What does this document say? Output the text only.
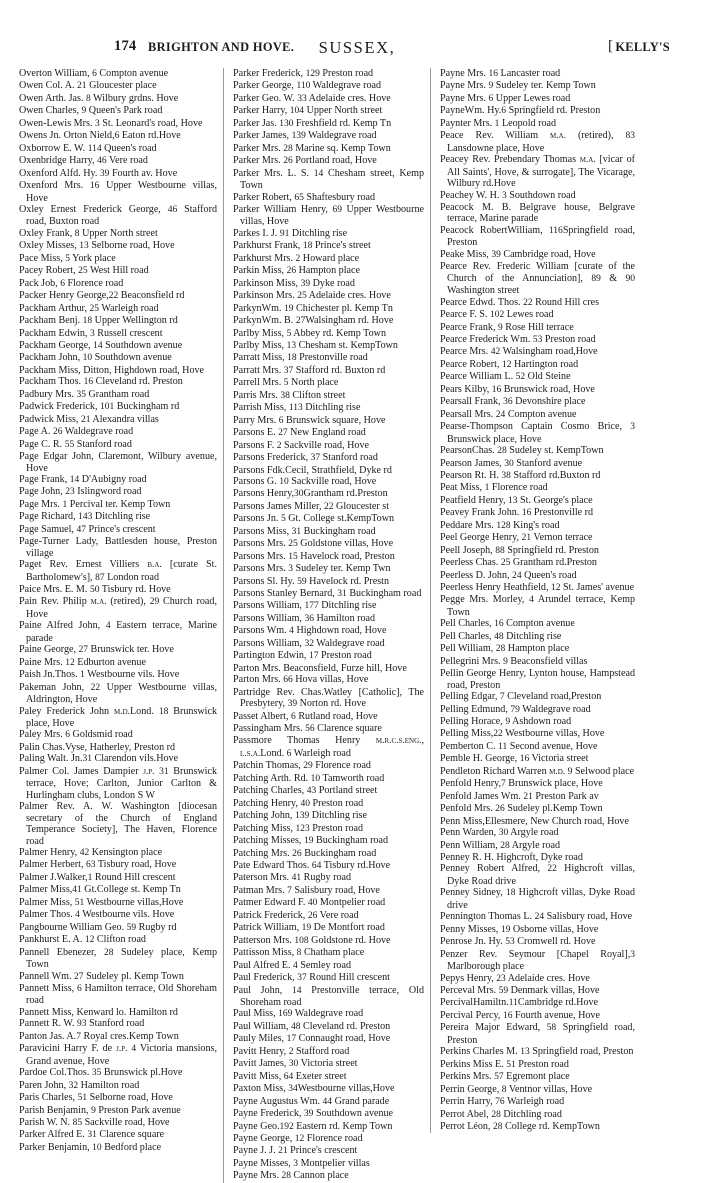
174 BRIGHTON AND HOVE.	SUSSEX,	[ KELLY'S

Overton William, 6 Compton avenue

Owen Col. A. 21 Gloucester place

Owen Arth. Jas. 8 Wilbury grdns. Hove

Owen Charles, 9 Queen's Park road

Owen-Lewis Mrs. 3 St. Leonard's road, Hove

Owens Jn. Orton Nield,6 Eaton rd.Hove

Oxborrow E. W. 114 Queen's road

Oxenbridge Harry, 46 Vere road

Oxenford Alfd. Hy. 39 Fourth av. Hove

Oxenford Mrs. 16 Upper Westbourne villas, Hove

Oxley Ernest Frederick George, 46 Stafford road, Buxton road

Oxley Frank, 8 Upper North street

Oxley Misses, 13 Selborne road, Hove

Pace Miss, 5 York place

Pacey Robert, 25 West Hill road

Pack Job, 6 Florence road

Packer Henry George,22 Beaconsfield rd

Packham Arthur, 25 Warleigh road

Packham Benj. 18 Upper Wellington rd

Packham Edwin, 3 Russell crescent

Packham George, 14 Southdown avenue

Packham John, 10 Southdown avenue

Packham Miss, Ditton, Highdown road, Hove

Packham Thos. 16 Cleveland rd. Preston

Padbury Mrs. 35 Grantham road

Padwick Frederick, 101 Buckingham rd

Padwick Miss, 21 Alexandra villas

Page A. 26 Waldegrave road

Page C. R. 55 Stanford road

Page Edgar John, Claremont, Wilbury avenue, Hove

Page Frank, 14 D'Aubigny road

Page John, 23 Islingword road

Page Mrs. 1 Percival ter. Kemp Town

Page Richard, 143 Ditchling rise

Page Samuel, 47 Prince's crescent

Page-Turner Lady, Battlesden house, Preston village

Paget Rev. Ernest Villiers b.a. [curate St. Bartholomew's], 87 London road

Paice Mrs. E. M. 50 Tisbury rd. Hove

Pain Rev. Philip m.a. (retired), 29 Church road, Hove

Paine Alfred John, 4 Eastern terrace, Marine parade

Paine George, 27 Brunswick ter. Hove

Paine Mrs. 12 Edburton avenue

Paish Jn.Thos. 1 Westbourne vils. Hove

Pakeman John, 22 Upper Westbourne villas, Aldrington, Hove

Paley Frederick John m.d.Lond. 18 Brunswick place, Hove

Paley Mrs. 6 Goldsmid road

Palin Chas.Vyse, Hatherley, Preston rd

Paling Walt. Jn.31 Clarendon vils.Hove

Palmer Col. James Dampier j.p. 31 Brunswick terrace, Hove; Carlton, Junior Carlton & Hurlingham clubs, London S W

Palmer Rev. A. W. Washington [diocesan secretary of the Church of England Temperance Society], The Haven, Florence road

Palmer Henry, 42 Kensington place

Palmer Herbert, 63 Tisbury road, Hove

Palmer J.Walker,1 Round Hill crescent

Palmer Miss,41 Gt.College st. Kemp Tn

Palmer Miss, 51 Westbourne villas,Hove

Palmer Thos. 4 Westbourne vils. Hove

Pangbourne William Geo. 59 Rugby rd

Pankhurst E. A. 12 Clifton road

Pannell Ebenezer, 28 Sudeley place, Kemp Town

Pannell Wm. 27 Sudeley pl. Kemp Town

Pannett Miss, 6 Hamilton terrace, Old Shoreham road

Pannett Miss, Kenward lo. Hamilton rd

Pannett R. W. 93 Stanford road

Panton Jas. A.7 Royal cres.Kemp Town

Paravicini Harry F. de j.p. 4 Victoria mansions, Grand avenue, Hove

Pardoe Col.Thos. 35 Brunswick pl.Hove

Paren John, 32 Hamilton road

Paris Charles, 51 Selborne road, Hove

Parish Benjamin, 9 Preston Park avenue

Parish W. N. 85 Sackville road, Hove

Parker Alfred E. 31 Clarence square

Parker Benjamin, 10 Bedford place

Parker Frederick, 129 Preston road

Parker George, 110 Waldegrave road

Parker Geo. W. 33 Adelaide cres. Hove

Parker Harry, 104 Upper North street

Parker Jas. 130 Freshfield rd. Kemp Tn

Parker James, 139 Waldegrave road

Parker Mrs. 28 Marine sq. Kemp Town

Parker Mrs. 26 Portland road, Hove

Parker Mrs. L. S. 14 Chesham street, Kemp Town

Parker Robert, 65 Shaftesbury road

Parker William Henry, 69 Upper Westbourne villas, Hove

Parkes I. J. 91 Ditchling rise

Parkhurst Frank, 18 Prince's street

Parkhurst Mrs. 2 Howard place

Parkin Miss, 26 Hampton place

Parkinson Miss, 39 Dyke road

Parkinson Mrs. 25 Adelaide cres. Hove

ParkynWm. 19 Chichester pl. Kemp Tn

ParkynWm. B. 27Walsingham rd. Hove

Parlby Miss, 5 Abbey rd. Kemp Town

Parlby Miss, 13 Chesham st. KempTown

Parratt Miss, 18 Prestonville road

Parratt Mrs. 37 Stafford rd. Buxton rd

Parrell Mrs. 5 North place

Parris Mrs. 38 Clifton street

Parrish Miss, 113 Ditchling rise

Parry Mrs. 6 Brunswick square, Hove

Parsons E. 27 New England road

Parsons F. 2 Sackville road, Hove

Parsons Frederick, 37 Stanford road

Parsons Fdk.Cecil, Strathfield, Dyke rd

Parsons G. 10 Sackville road, Hove

Parsons Henry,30Grantham rd.Preston

Parsons James Miller, 22 Gloucester st

Parsons Jn. 5 Gt. College st.KempTown

Parsons Miss, 31 Buckingham road

Parsons Mrs. 25 Goldstone villas, Hove

Parsons Mrs. 15 Havelock road, Preston

Parsons Mrs. 3 Sudeley ter. Kemp Twn

Parsons Sl. Hy. 59 Havelock rd. Prestn

Parsons Stanley Bernard, 31 Buckingham road

Parsons William, 177 Ditchling rise

Parsons William, 36 Hamilton road

Parsons Wm. 4 Highdown road, Hove

Parsons William, 32 Waldegrave road

Partington Edwin, 17 Preston road

Parton Mrs. Beaconsfield, Furze hill, Hove

Parton Mrs. 66 Hova villas, Hove

Partridge Rev. Chas.Watley [Catholic], The Presbytery, 39 Norton rd. Hove

Passet Albert, 6 Rutland road, Hove

Passingham Mrs. 56 Clarence square

Passmore Thomas Henry m.r.c.s.eng., l.s.a.Lond. 6 Warleigh road

Patchin Thomas, 29 Florence road

Patching Arth. Rd. 10 Tamworth road

Patching Charles, 43 Portland street

Patching Henry, 40 Preston road

Patching John, 139 Ditchling rise

Patching Miss, 123 Preston road

Patching Misses, 19 Buckingham road

Patching Mrs. 26 Buckingham road

Pate Edward Thos. 64 Tisbury rd.Hove

Paterson Mrs. 41 Rugby road

Patman Mrs. 7 Salisbury road, Hove

Patmer Edward F. 40 Montpelier road

Patrick Frederick, 26 Vere road

Patrick William, 19 De Montfort road

Patterson Mrs. 108 Goldstone rd. Hove

Pattisson Miss, 8 Chatham place

Paul Alfred E. 4 Semley road

Paul Frederick, 37 Round Hill crescent

Paul John, 14 Prestonville terrace, Old Shoreham road

Paul Miss, 169 Waldegrave road

Paul William, 48 Cleveland rd. Preston

Pauly Miles, 17 Connaught road, Hove

Pavitt Henry, 2 Stafford road

Pavitt James, 30 Victoria street

Pavitt Miss, 64 Exeter street

Paxton Miss, 34Westbourne villas,Hove

Payne Augustus Wm. 44 Grand parade

Payne Frederick, 39 Southdown avenue

Payne Geo.192 Eastern rd. Kemp Town

Payne George, 12 Florence road

Payne J. J. 21 Prince's crescent

Payne Misses, 3 Montpelier villas

Payne Mrs. 28 Cannon place

Payne Mrs. 16 Lancaster road

Payne Mrs. 9 Sudeley ter. Kemp Town

Payne Mrs. 6 Upper Lewes road

PayneWm. Hy.6 Springfield rd. Preston

Paynter Mrs. 1 Leopold road

Peace Rev. William m.a. (retired), 83 Lansdowne place, Hove

Peacey Rev. Prebendary Thomas m.a. [vicar of All Saints', Hove, & surrogate], The Vicarage, Wilbury rd.Hove

Peachey W. H. 3 Southdown road

Peacock M. B. Belgrave house, Belgrave terrace, Marine parade

Peacock RobertWilliam, 116Springfield road, Preston

Peake Miss, 39 Cambridge road, Hove

Pearce Rev. Frederic William [curate of the Church of the Annunciation], 89 & 90 Washington street

Pearce Edwd. Thos. 22 Round Hill cres

Pearce F. S. 102 Lewes road

Pearce Frank, 9 Rose Hill terrace

Pearce Frederick Wm. 53 Preston road

Pearce Mrs. 42 Walsingham road,Hove

Pearce Robert, 12 Hartington road

Pearce William L. 52 Old Steine

Pears Kilby, 16 Brunswick road, Hove

Pearsall Frank, 36 Devonshire place

Pearsall Mrs. 24 Compton avenue

Pearse-Thompson Captain Cosmo Brice, 3 Brunswick place, Hove

PearsonChas. 28 Sudeley st. KempTown

Pearson James, 30 Stanford avenue

Pearson Rt. H. 38 Stafford rd.Buxton rd

Peat Miss, 1 Florence road

Peatfield Henry, 13 St. George's place

Peavey Frank John. 16 Prestonville rd

Peddare Mrs. 128 King's road

Peel George Henry, 21 Vernon terrace

Peell Joseph, 88 Springfield rd. Preston

Peerless Chas. 25 Grantham rd.Preston

Peerless D. John, 24 Queen's road

Peerless Henry Heathfield, 12 St. James' avenue

Pegge Mrs. Morley, 4 Arundel terrace, Kemp Town

Pell Charles, 16 Compton avenue

Pell Charles, 48 Ditchling rise

Pell William, 28 Hampton place

Pellegrini Mrs. 9 Beaconsfield villas

Pellin George Henry, Lynton house, Hampstead road, Preston

Pelling Edgar, 7 Cleveland road,Preston

Pelling Edmund, 79 Waldegrave road

Pelling Horace, 9 Ashdown road

Pelling Miss,22 Westbourne villas, Hove

Pemberton C. 11 Second avenue, Hove

Pemble H. George, 16 Victoria street

Pendleton Richard Warren m.d. 9 Selwood place

Penfold Henry,7 Brunswick place, Hove

Penfold James Wm. 21 Preston Park av

Penfold Mrs. 26 Sudeley pl.Kemp Town

Penn Miss,Ellesmere, New Church road, Hove

Penn Warden, 30 Argyle road

Penn William, 28 Argyle road

Penney R. H. Highcroft, Dyke road

Penney Robert Alfred, 22 Highcroft villas, Dyke Road drive

Penney Sidney, 18 Highcroft villas, Dyke Road drive

Pennington Thomas L. 24 Salisbury road, Hove

Penny Misses, 19 Osborne villas, Hove

Penrose Jn. Hy. 53 Cromwell rd. Hove

Penzer Rev. Seymour [Chapel Royal],3 Marlborough place

Pepys Henry, 23 Adelaide cres. Hove

Perceval Mrs. 59 Denmark villas, Hove

PercivalHamiltn.11Cambridge rd.Hove

Percival Percy, 16 Fourth avenue, Hove

Pereira Major Edward, 58 Springfield road, Preston

Perkins Charles M. 13 Springfield road, Preston

Perkins Miss E. 51 Preston road

Perkins Mrs. 57 Egremont place

Perrin George, 8 Ventnor villas, Hove

Perrin Harry, 76 Warleigh road

Perrot Abel, 28 Ditchling road

Perrot Léon, 28 College rd. KempTown
